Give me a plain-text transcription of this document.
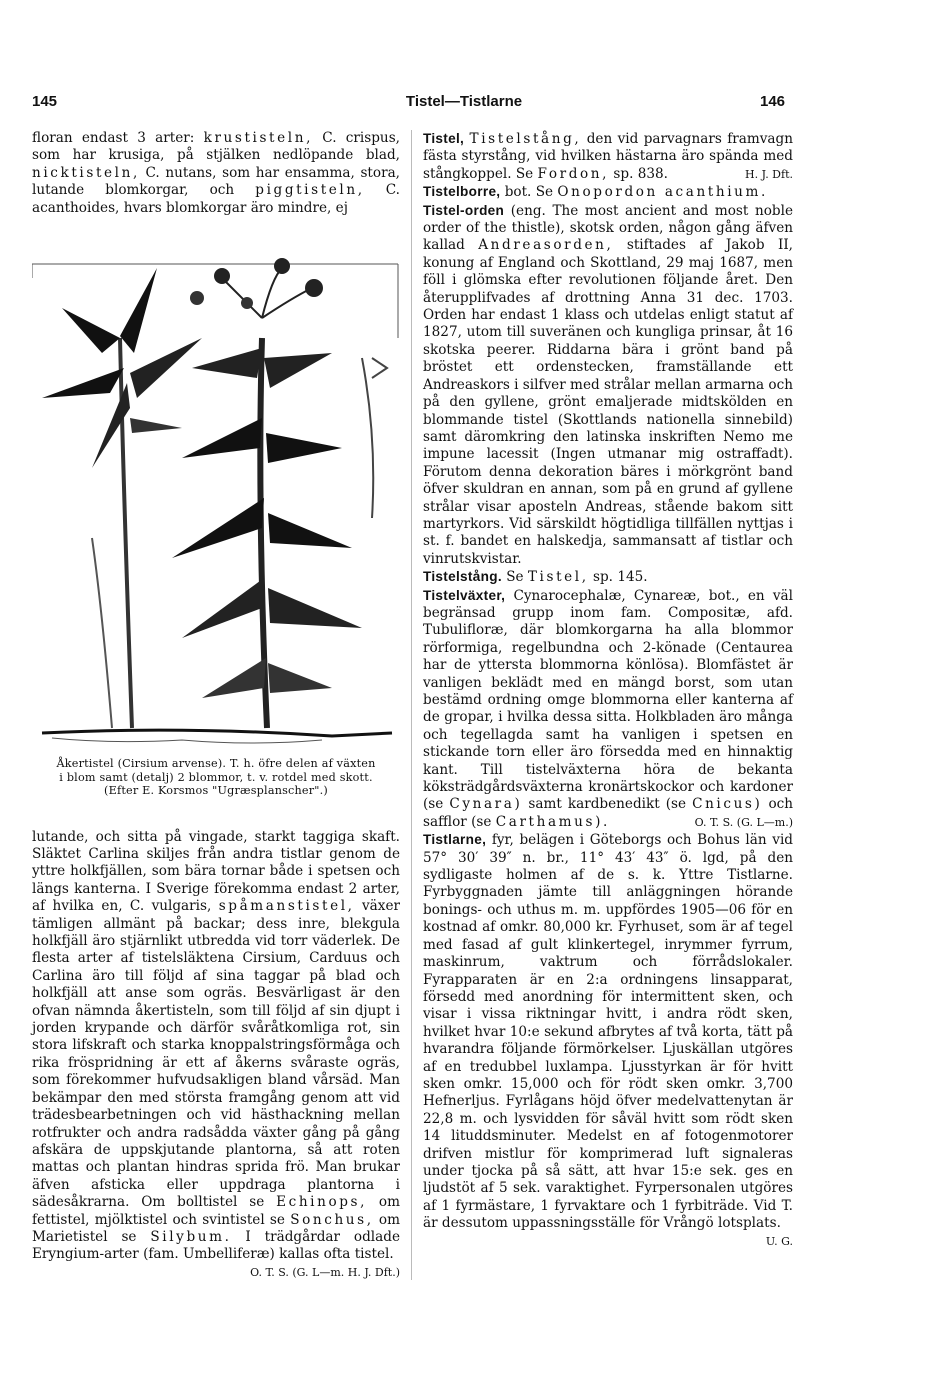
145	Tistel—Tistlarne	146

floran endast 3 arter: krustisteln, C. crispus, som har krusiga, på stjälken nedlöpande blad, nicktisteln, C. nutans, som har ensamma, stora, lutande blomkorgar, och piggtisteln, C. acanthoides, hvars blomkorgar äro mindre, ej

Åkertistel (Cirsium arvense). T. h. öfre delen af växten
i blom samt (detalj) 2 blommor, t. v. rotdel med skott.
(Efter E. Korsmos "Ugræsplanscher".)

lutande, och sitta på vingade, starkt taggiga skaft. Släktet Carlina skiljes från andra tistlar genom de yttre holkfjällen, som bära tornar både i spetsen och längs kanterna. I Sverige förekomma endast 2 arter, af hvilka en, C. vulgaris, spåmanstistel, växer tämligen allmänt på backar; dess inre, blekgula holkfjäll äro stjärnlikt utbredda vid torr väderlek. De flesta arter af tistelsläktena Cirsium, Carduus och Carlina äro till följd af sina taggar på blad och holkfjäll att anse som ogräs. Besvärligast är den ofvan nämnda åkertisteln, som till följd af sin djupt i jorden krypande och därför svåråtkomliga rot, sin stora lifskraft och starka knoppalstringsförmåga och rika fröspridning är ett af åkerns svåraste ogräs, som förekommer hufvudsakligen bland vårsäd. Man bekämpar den med största framgång genom att vid trädesbearbetningen och vid hästhackning mellan rotfrukter och andra radsådda växter gång på gång afskära de uppskjutande plantorna, så att roten mattas och plantan hindras sprida frö. Man brukar äfven afsticka eller uppdraga plantorna i sädesåkrarna. Om bolltistel se Echinops, om fettistel, mjölktistel och svintistel se Sonchus, om Marietistel se Silybum. I trädgårdar odlade Eryngium-arter (fam. Umbelliferæ) kallas ofta tistel.
O. T. S. (G. L—m. H. J. Dft.)

Tistel, Tistelstång, den vid parvagnars framvagn fästa styrstång, vid hvilken hästarna äro spända med stångkoppel. Se Fordon, sp. 838.	H. J. Dft.

Tistelborre, bot. Se Onopordon acanthium.

Tistel-orden (eng. The most ancient and most noble order of the thistle), skotsk orden, någon gång äfven kallad Andreasorden, stiftades af Jakob II, konung af England och Skottland, 29 maj 1687, men föll i glömska efter revolutionen följande året. Den återupplifvades af drottning Anna 31 dec. 1703. Orden har endast 1 klass och utdelas enligt statut af 1827, utom till suveränen och kungliga prinsar, åt 16 skotska peerer. Riddarna bära i grönt band på bröstet ett ordenstecken, framställande ett Andreaskors i silfver med strålar mellan armarna och på den gyllene, grönt emaljerade midtskölden en blommande tistel (Skottlands nationella sinnebild) samt däromkring den latinska inskriften Nemo me impune lacessit (Ingen utmanar mig ostraffadt). Förutom denna dekoration bäres i mörkgrönt band öfver skuldran en annan, som på en grund af gyllene strålar visar aposteln Andreas, stående bakom sitt martyrkors. Vid särskildt högtidliga tillfällen nyttjas i st. f. bandet en halskedja, sammansatt af tistlar och vinrutskvistar.

Tistelstång. Se Tistel, sp. 145.

Tistelväxter, Cynarocephalæ, Cynareæ, bot., en väl begränsad grupp inom fam. Compositæ, afd. Tubulifloræ, där blomkorgarna ha alla blommor rörformiga, regelbundna och 2-könade (Centaurea har de yttersta blommorna könlösa). Blomfästet är vanligen beklädt med en mängd borst, som utan bestämd ordning omge blommorna eller kanterna af de gropar, i hvilka dessa sitta. Holkbladen äro många och tegellagda samt ha vanligen i spetsen en stickande torn eller äro försedda med en hinnaktig kant. Till tistelväxterna höra de bekanta köksträdgårdsväxterna kronärtskockor och kardoner (se Cynara) samt kardbenedikt (se Cnicus) och safflor (se Carthamus).	O. T. S. (G. L—m.)

Tistlarne, fyr, belägen i Göteborgs och Bohus län vid 57° 30′ 39″ n. br., 11° 43′ 43″ ö. lgd, på den sydligaste holmen af de s. k. Yttre Tistlarne. Fyrbyggnaden jämte till anläggningen hörande bonings- och uthus m. m. uppfördes 1905—06 för en kostnad af omkr. 80,000 kr. Fyrhuset, som är af tegel med fasad af gult klinkertegel, inrymmer fyrrum, maskinrum, vaktrum och förrådslokaler. Fyrapparaten är en 2:a ordningens linsapparat, försedd med anordning för intermittent sken, och visar i vissa riktningar hvitt, i andra rödt sken, hvilket hvar 10:e sekund afbrytes af två korta, tätt på hvarandra följande förmörkelser. Ljuskällan utgöres af en tredubbel luxlampa. Ljusstyrkan är för hvitt sken omkr. 15,000 och för rödt sken omkr. 3,700 Hefnerljus. Fyrlågans höjd öfver medelvattenytan är 22,8 m. och lysvidden för såväl hvitt som rödt sken 14 lituddsminuter. Medelst en af fotogenmotorer drifven mistlur för komprimerad luft signaleras under tjocka på så sätt, att hvar 15:e sek. ges en ljudstöt af 5 sek. varaktighet. Fyrpersonalen utgöres af 1 fyrmästare, 1 fyrvaktare och 1 fyrbiträde. Vid T. är dessutom uppassningsställe för Vrångö lotsplats.
U. G.
